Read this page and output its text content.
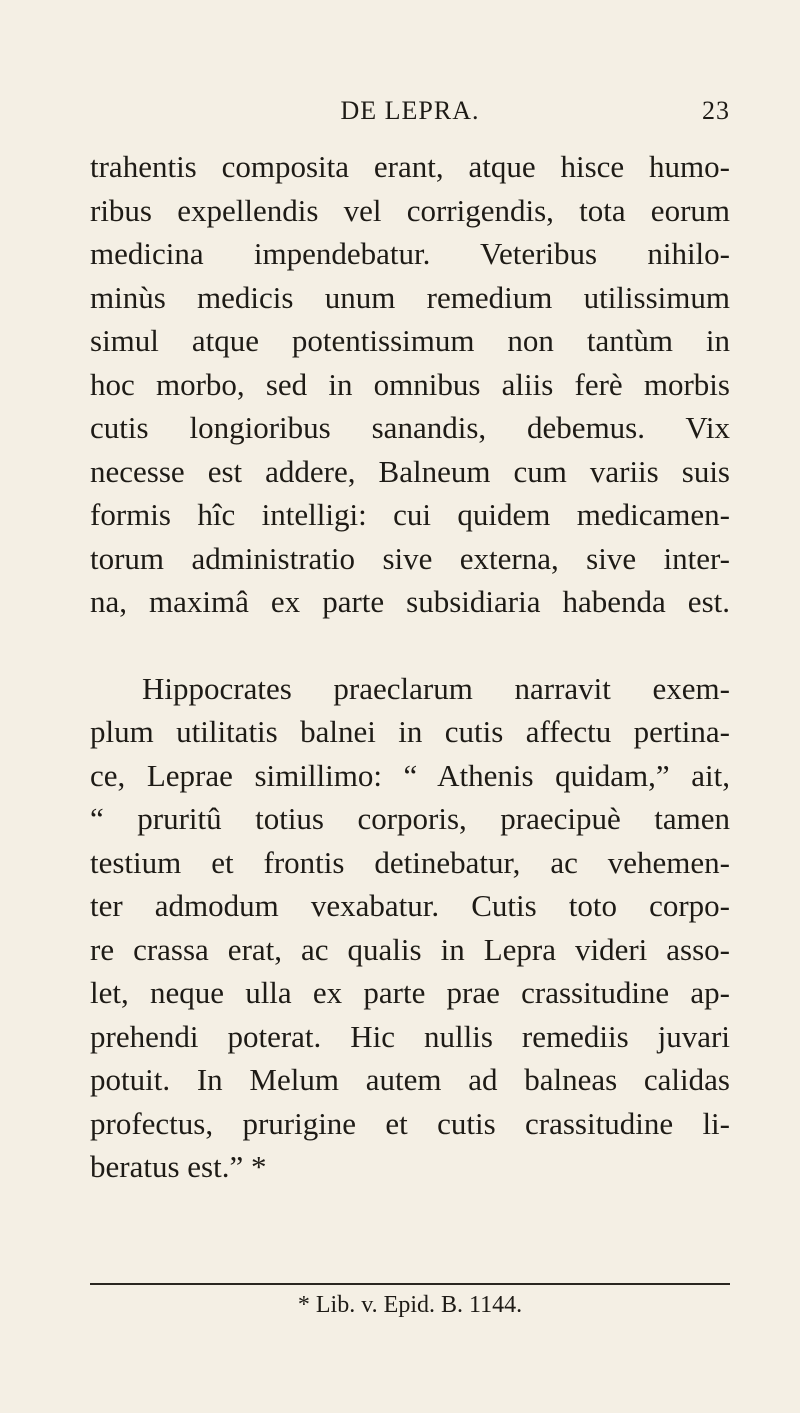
DE LEPRA.	23
trahentis composita erant, atque hisce humo-
ribus expellendis vel corrigendis, tota eorum
medicina impendebatur. Veteribus nihilo-
minùs medicis unum remedium utilissimum
simul atque potentissimum non tantùm in
hoc morbo, sed in omnibus aliis ferè morbis
cutis longioribus sanandis, debemus. Vix
necesse est addere, Balneum cum variis suis
formis hîc intelligi: cui quidem medicamen-
torum administratio sive externa, sive inter-
na, maximâ ex parte subsidiaria habenda est.
Hippocrates praeclarum narravit exem-
plum utilitatis balnei in cutis affectu pertina-
ce, Leprae simillimo: “ Athenis quidam,” ait,
“ pruritû totius corporis, praecipuè tamen
testium et frontis detinebatur, ac vehemen-
ter admodum vexabatur. Cutis toto corpo-
re crassa erat, ac qualis in Lepra videri asso-
let, neque ulla ex parte prae crassitudine ap-
prehendi poterat. Hic nullis remediis juvari
potuit. In Melum autem ad balneas calidas
profectus, prurigine et cutis crassitudine li-
beratus est.” *
* Lib. v. Epid. B. 1144.
